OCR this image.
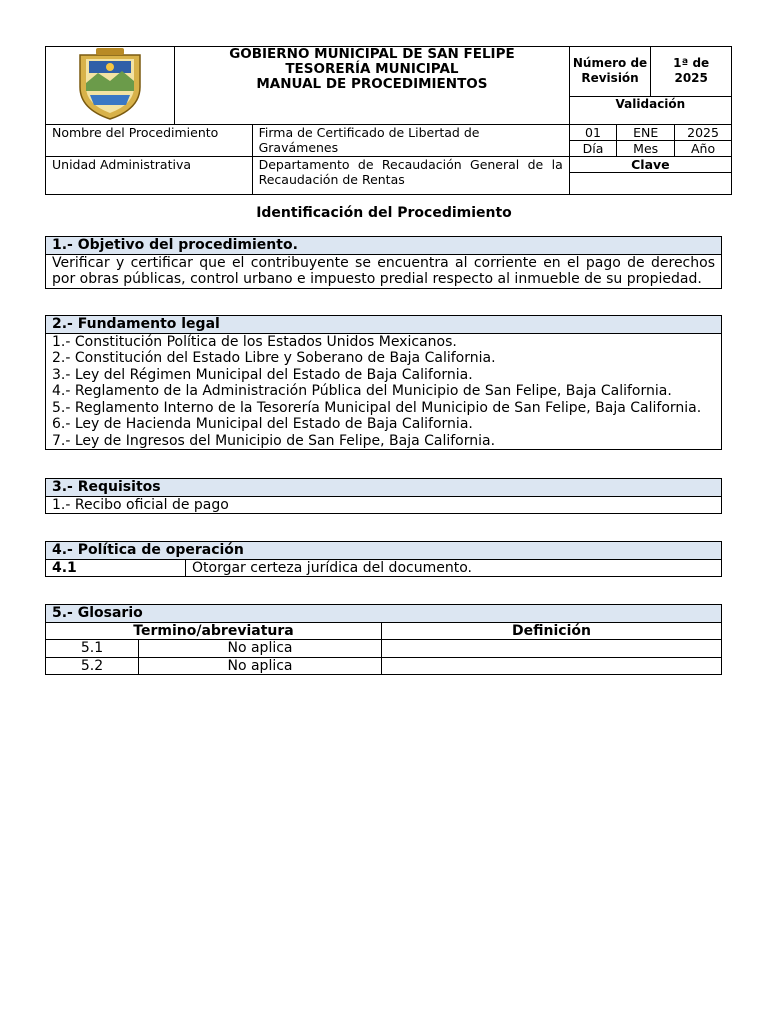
GOBIERNO MUNICIPAL DE SAN FELIPE
TESORERÍA MUNICIPAL
MANUAL DE PROCEDIMIENTOS		Número de Revisión		1ª de 2025	
			Validación			
Nombre del Procedimiento		Firma de Certificado de Libertad de Gravámenes	01	ENE		2025
			Día	Mes		Año
Unidad Administrativa		Departamento de Recaudación General de la Recaudación de Rentas	Clave			

Identificación del Procedimiento
1.- Objetivo del procedimiento.
Verificar y certificar que el contribuyente se encuentra al corriente en el pago de derechos por obras públicas, control urbano e impuesto predial respecto al inmueble de su propiedad.
2.- Fundamento legal

1.- Constitución Política de los Estados Unidos Mexicanos.
2.- Constitución del Estado Libre y Soberano de Baja California.
3.- Ley del Régimen Municipal del Estado de Baja California.
4.- Reglamento de la Administración Pública del Municipio de San Felipe, Baja California.
5.- Reglamento Interno de la Tesorería Municipal del Municipio de San Felipe, Baja California.
6.- Ley de Hacienda Municipal del Estado de Baja California.
7.- Ley de Ingresos del Municipio de San Felipe, Baja California.
3.- Requisitos
1.- Recibo oficial de pago
4.- Política de operación
4.1	Otorgar certeza jurídica del documento.
5.- Glosario		
Termino/abreviatura		Definición
5.1	No aplica	
5.2	No aplica	
